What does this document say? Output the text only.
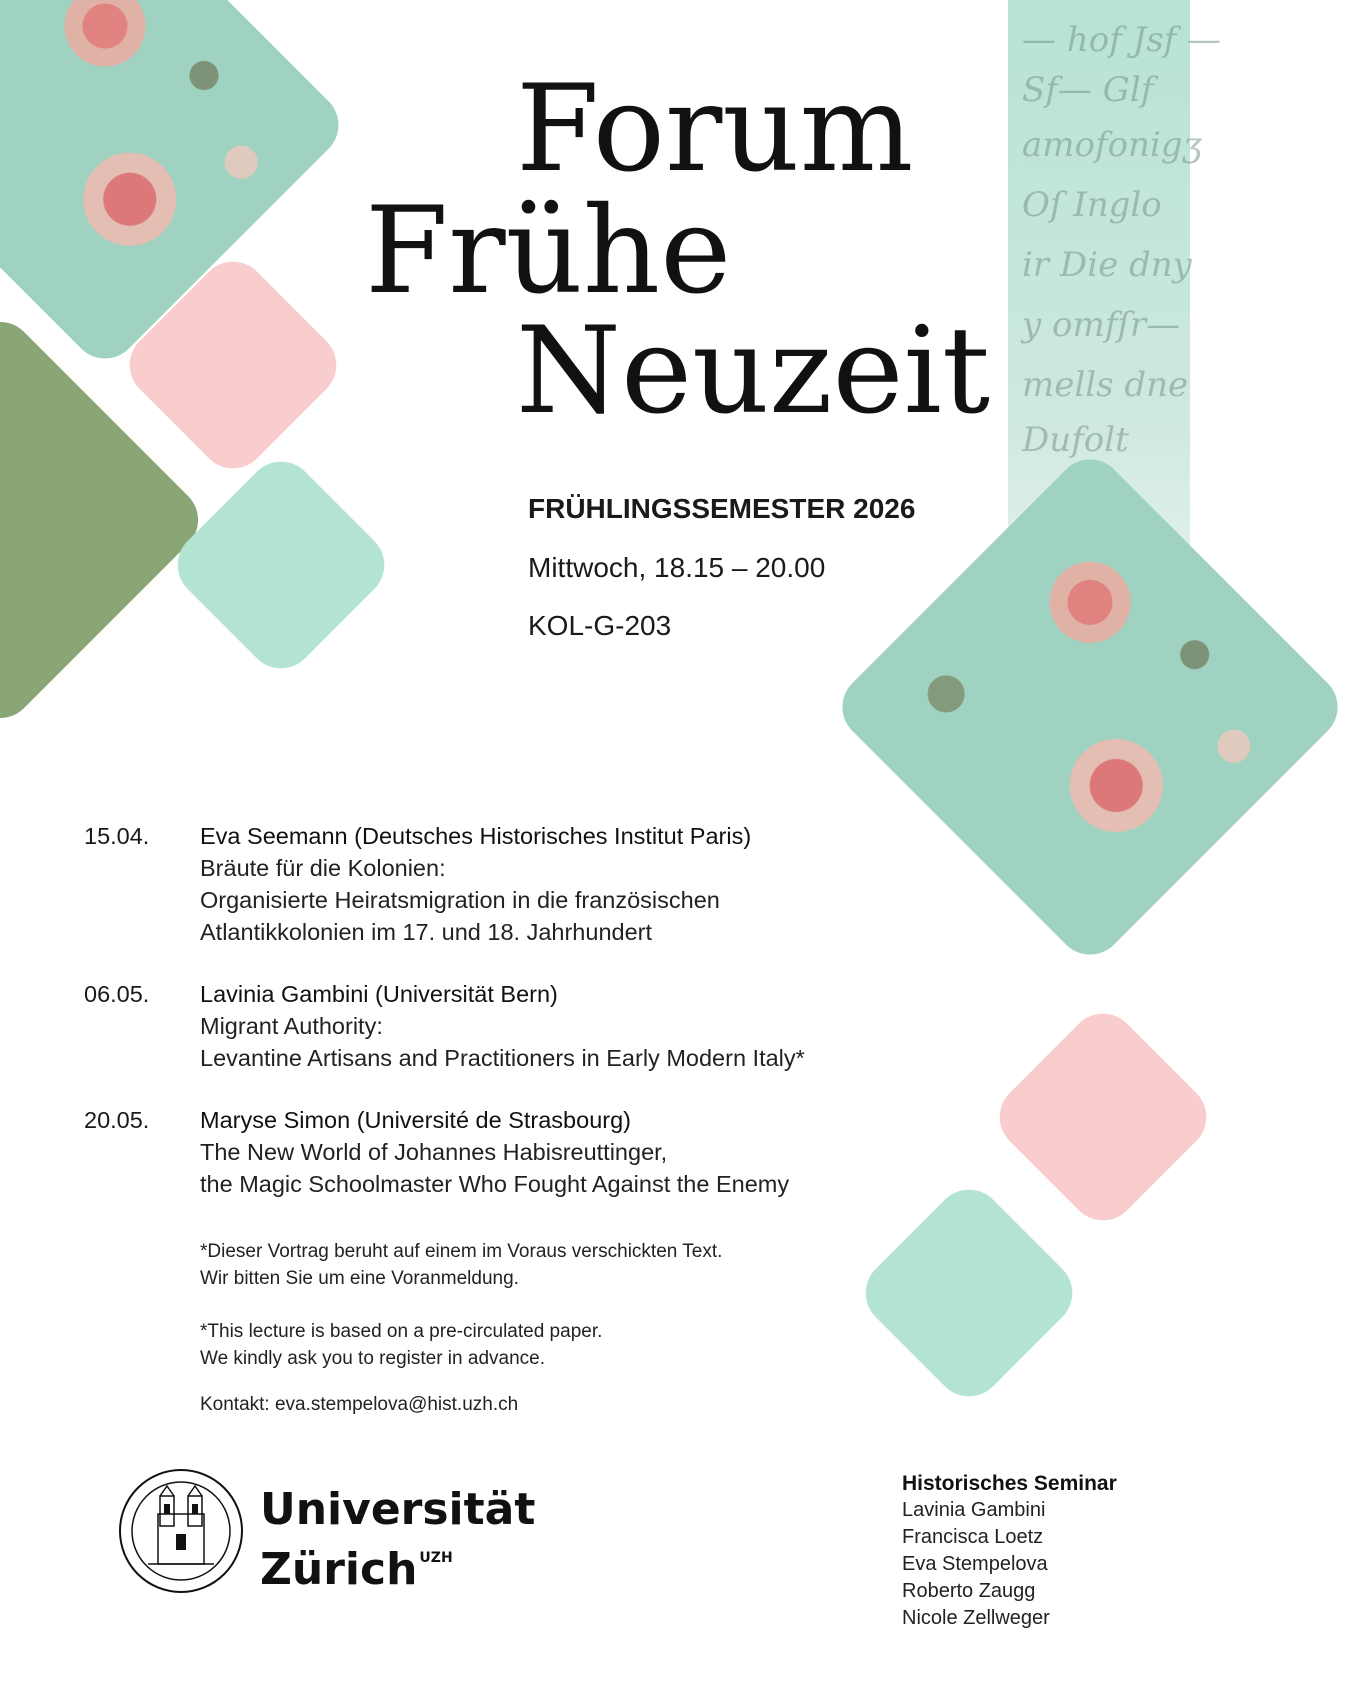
— hof Jsf —
Sf— Glf
amofonigʒ
Oſ Inglo
ir Die dny
y omfſr—
mells dne
Dufolt
Forum
Frühe
Neuzeit
FRÜHLINGSSEMESTER 2026
Mittwoch, 18.15 – 20.00
KOL-G-203
15.04.	Eva Seemann (Deutsches Historisches Institut Paris)
Bräute für die Kolonien:
Organisierte Heiratsmigration in die französischen
Atlantikkolonien im 17. und 18. Jahrhundert
06.05.	Lavinia Gambini (Universität Bern)
Migrant Authority:
Levantine Artisans and Practitioners in Early Modern Italy*
20.05.	Maryse Simon (Université de Strasbourg)
The New World of Johannes Habisreuttinger,
the Magic Schoolmaster Who Fought Against the Enemy
*Dieser Vortrag beruht auf einem im Voraus verschickten Text.
Wir bitten Sie um eine Voranmeldung.
*This lecture is based on a pre-circulated paper.
We kindly ask you to register in advance.
Kontakt: eva.stempelova@hist.uzh.ch
Universität
Zürich $^{UZH}$
Historisches Seminar
Lavinia Gambini
Francisca Loetz
Eva Stempelova
Roberto Zaugg
Nicole Zellweger
